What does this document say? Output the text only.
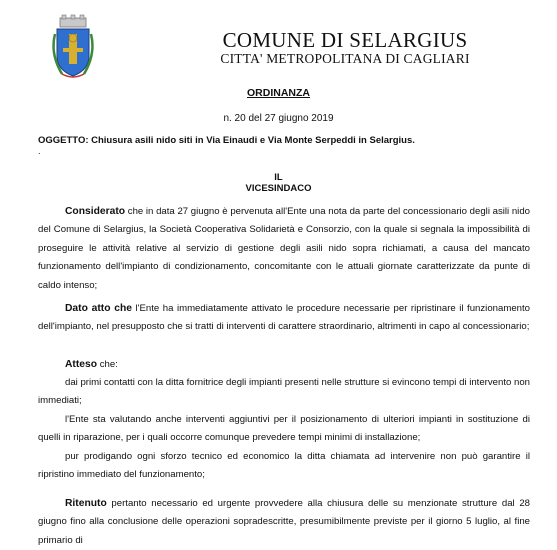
COMUNE DI SELARGIUS
CITTA' METROPOLITANA DI CAGLIARI
ORDINANZA
n. 20 del 27 giugno 2019
OGGETTO: Chiusura asili nido siti in Via Einaudi e Via Monte Serpeddi in Selargius.
.
IL
VICESINDACO

Considerato che in data 27 giugno è pervenuta all'Ente una nota da parte del concessionario degli asili nido del Comune di Selargius, la Società Cooperativa Solidarietà e Consorzio, con la quale si segnala la impossibilità di proseguire le attività relative al servizio di gestione degli asili nido sopra richiamati, a causa del mancato funzionamento dell'impianto di condizionamento, concomitante con le attuali giornate caratterizzate da punte di caldo intenso;

Dato atto che l'Ente ha immediatamente attivato le procedure necessarie per ripristinare il funzionamento dell'impianto, nel presupposto che si tratti di interventi di carattere straordinario, altrimenti in capo al concessionario;

Atteso che:

dai primi contatti con la ditta fornitrice degli impianti presenti nelle strutture si evincono tempi di intervento non immediati;

l'Ente sta valutando anche interventi aggiuntivi per il posizionamento di ulteriori impianti in sostituzione di quelli in riparazione, per i quali occorre comunque prevedere tempi minimi di installazione;

pur prodigando ogni sforzo tecnico ed economico la ditta chiamata ad intervenire non può garantire il ripristino immediato del funzionamento;

Ritenuto pertanto necessario ed urgente provvedere alla chiusura delle su menzionate strutture dal 28 giugno fino alla conclusione delle operazioni sopradescritte, presumibilmente previste per il giorno 5 luglio, al fine primario di
